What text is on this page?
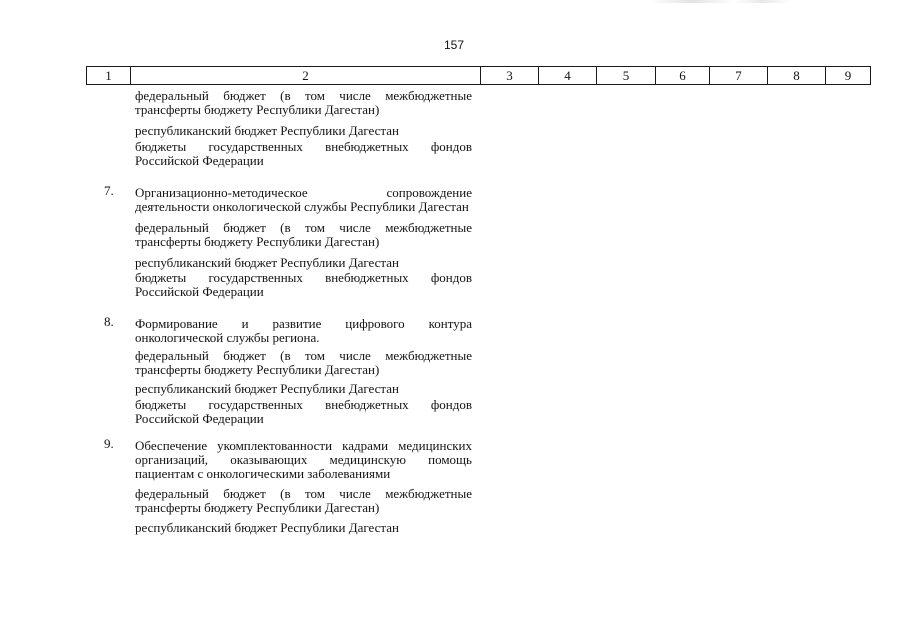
157
1	2	3	4	5	6	7	8	9
федеральный бюджет (в том числе межбюджетные трансферты бюджету Республики Дагестан)
республиканский бюджет Республики Дагестан
бюджеты государственных внебюджетных фондов Российской Федерации
7. Организационно-методическое сопровождение деятельности онкологической службы Республики Дагестан
федеральный бюджет (в том числе межбюджетные трансферты бюджету Республики Дагестан)
республиканский бюджет Республики Дагестан
бюджеты государственных внебюджетных фондов Российской Федерации
8. Формирование и развитие цифрового контура онкологической службы региона.
федеральный бюджет (в том числе межбюджетные трансферты бюджету Республики Дагестан)
республиканский бюджет Республики Дагестан
бюджеты государственных внебюджетных фондов Российской Федерации
9. Обеспечение укомплектованности кадрами медицинских организаций, оказывающих медицинскую помощь пациентам с онкологическими заболеваниями
федеральный бюджет (в том числе межбюджетные трансферты бюджету Республики Дагестан)
республиканский бюджет Республики Дагестан
